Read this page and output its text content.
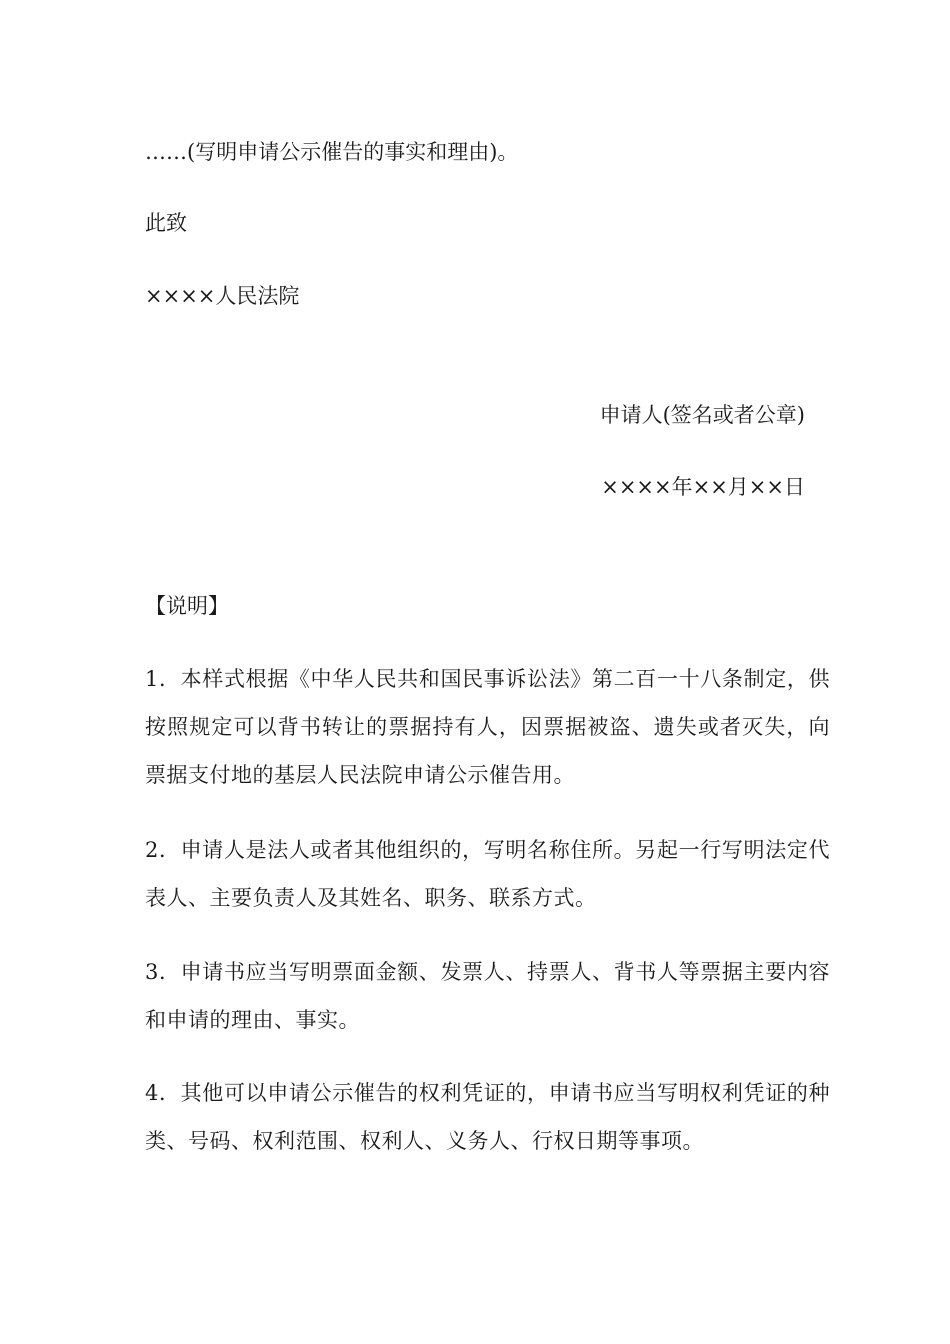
……(写明申请公示催告的事实和理由)。

此致

××××人民法院

申请人(签名或者公章)

××××年××月××日

【说明】

1．本样式根据《中华人民共和国民事诉讼法》第二百一十八条制定，供按照规定可以背书转让的票据持有人，因票据被盗、遗失或者灭失，向票据支付地的基层人民法院申请公示催告用。

2．申请人是法人或者其他组织的，写明名称住所。另起一行写明法定代表人、主要负责人及其姓名、职务、联系方式。

3．申请书应当写明票面金额、发票人、持票人、背书人等票据主要内容和申请的理由、事实。

4．其他可以申请公示催告的权利凭证的，申请书应当写明权利凭证的种类、号码、权利范围、权利人、义务人、行权日期等事项。
